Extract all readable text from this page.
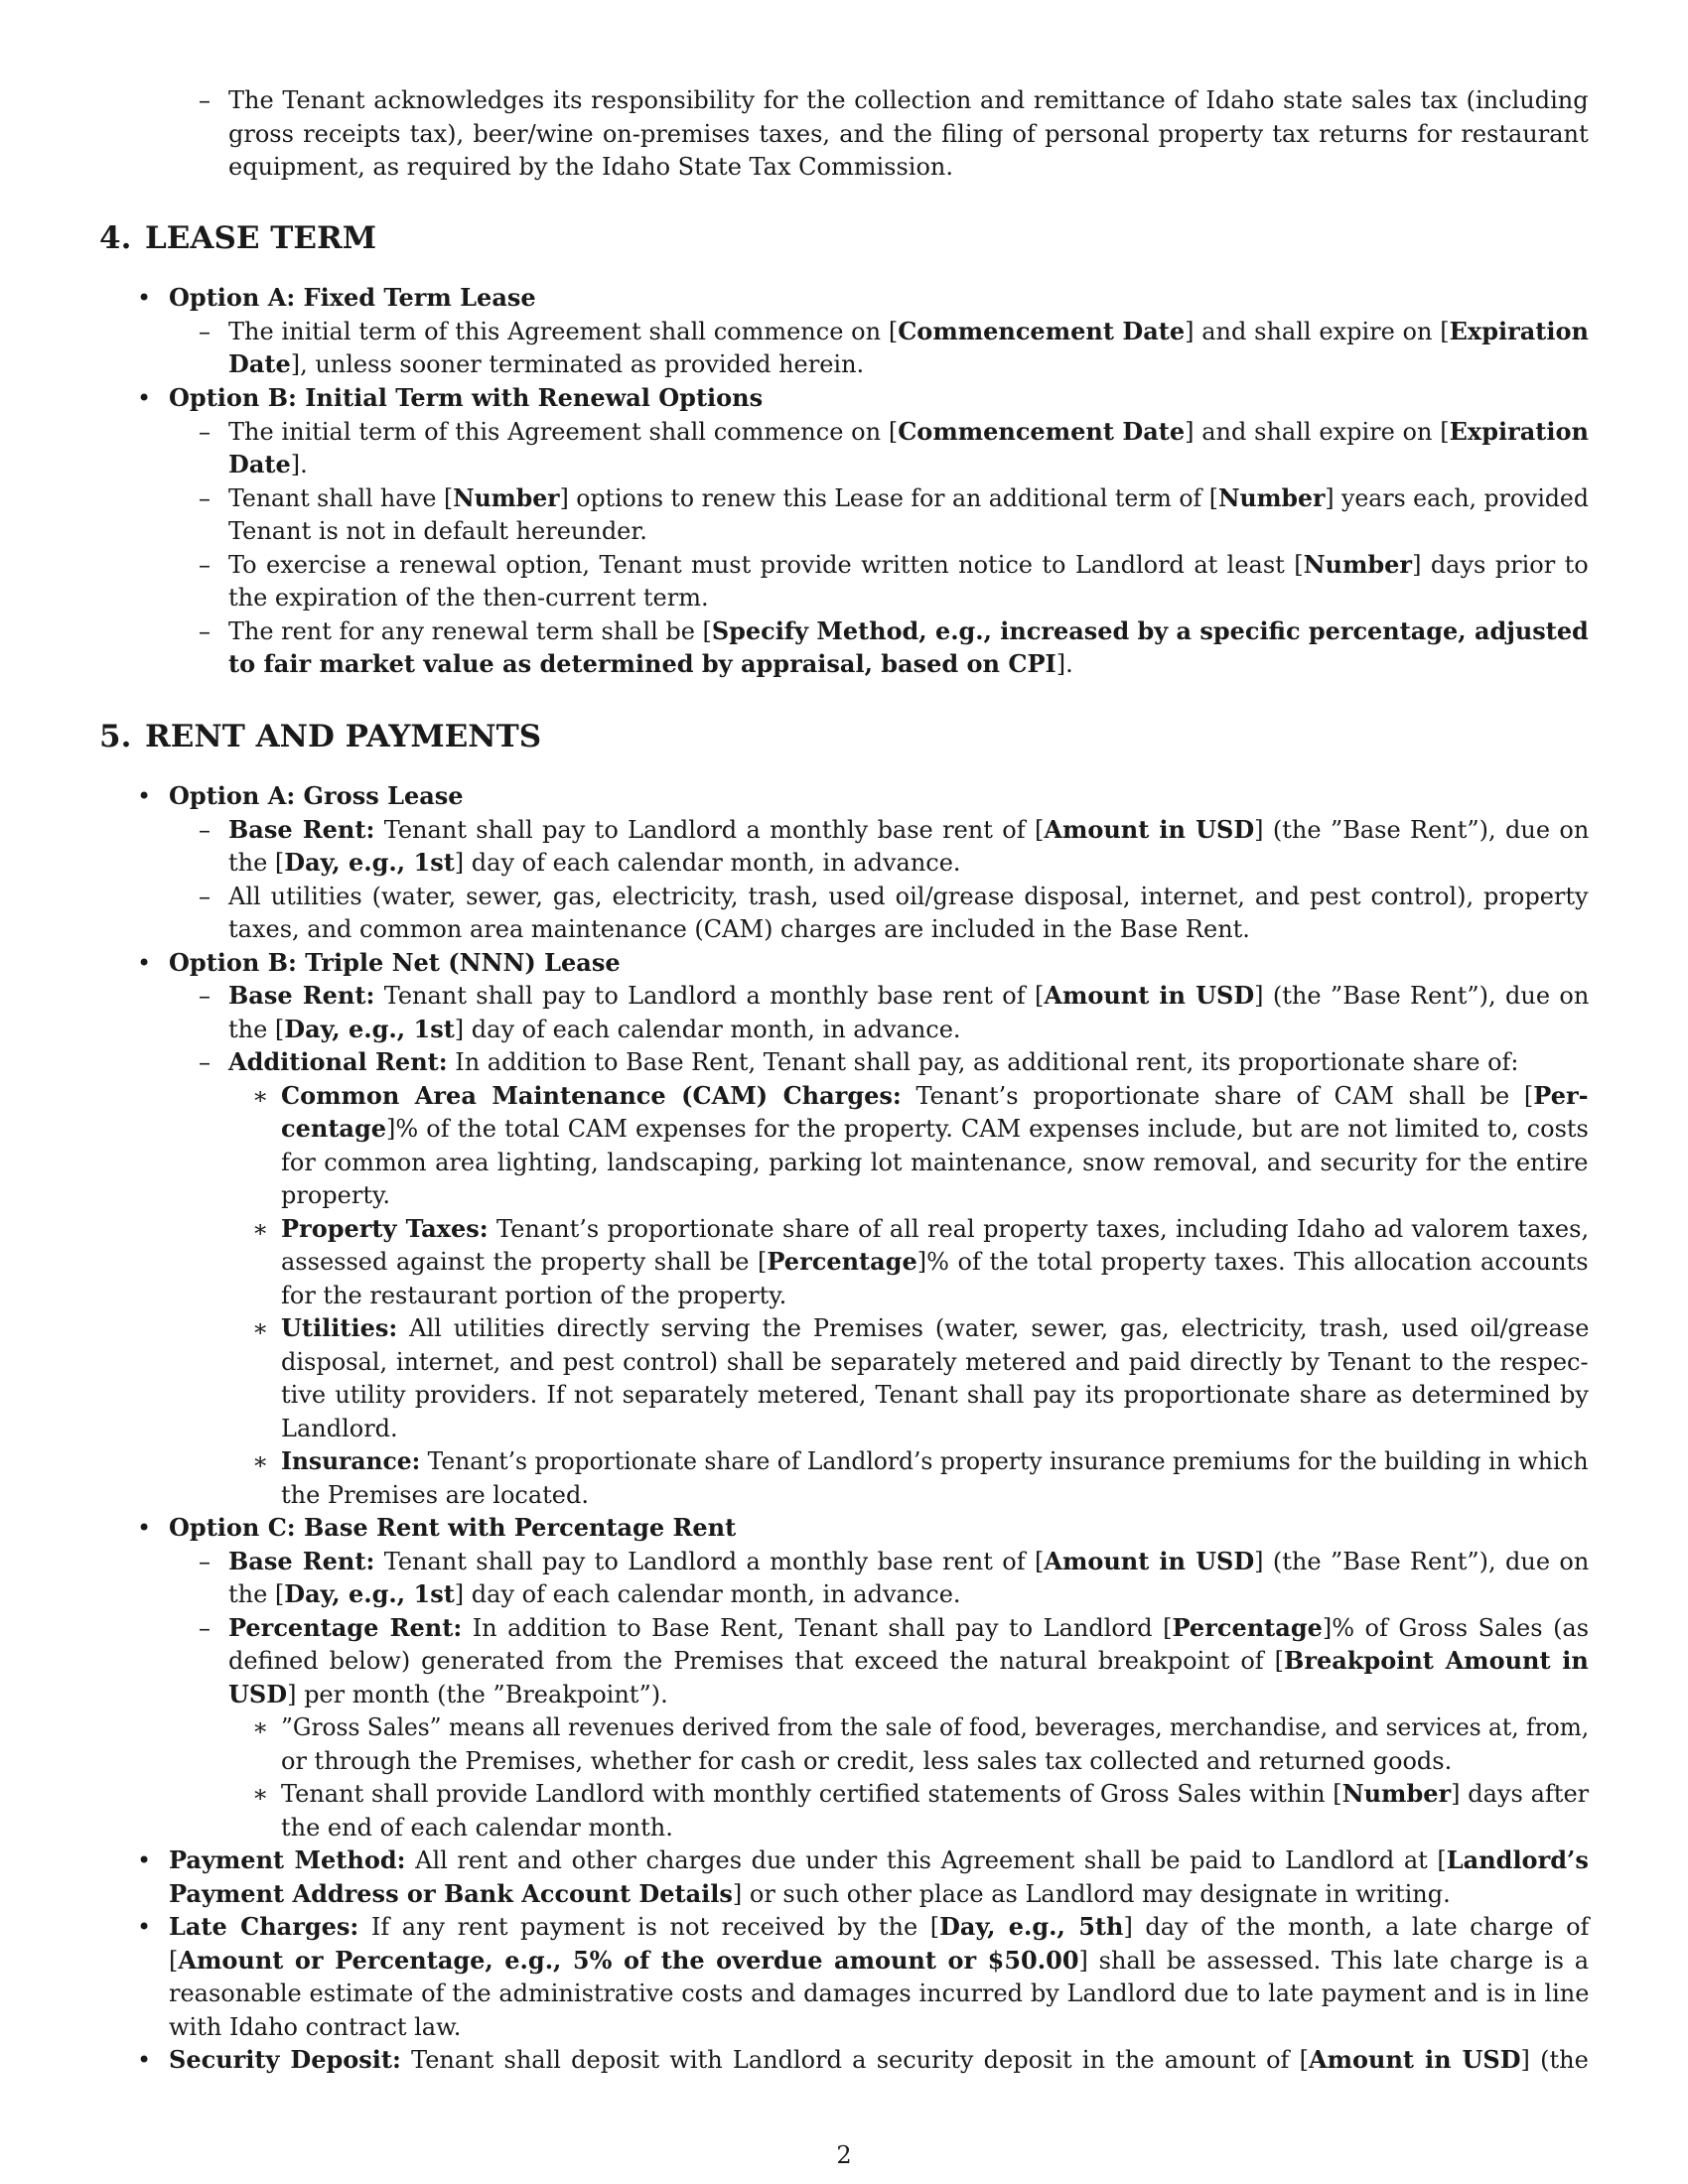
2
4. LEASE TERM
5. RENT AND PAYMENTS
– The Tenant acknowledges its responsibility for the collection and remittance of Idaho state sales tax (including
gross receipts tax), beer/wine on-premises taxes, and the filing of personal property tax returns for restaurant
equipment, as required by the Idaho State Tax Commission.
• Option A: Fixed Term Lease
– The initial term of this Agreement shall commence on [Commencement Date] and shall expire on [Expiration
Date], unless sooner terminated as provided herein.
• Option B: Initial Term with Renewal Options
– The initial term of this Agreement shall commence on [Commencement Date] and shall expire on [Expiration
Date].
– Tenant shall have [Number] options to renew this Lease for an additional term of [Number] years each, provided
Tenant is not in default hereunder.
– To exercise a renewal option, Tenant must provide written notice to Landlord at least [Number] days prior to
the expiration of the then-current term.
– The rent for any renewal term shall be [Specify Method, e.g., increased by a specific percentage, adjusted
to fair market value as determined by appraisal, based on CPI].
• Option A: Gross Lease
– Base Rent: Tenant shall pay to Landlord a monthly base rent of [Amount in USD] (the ”Base Rent”), due on
the [Day, e.g., 1st] day of each calendar month, in advance.
– All utilities (water, sewer, gas, electricity, trash, used oil/grease disposal, internet, and pest control), property
taxes, and common area maintenance (CAM) charges are included in the Base Rent.
• Option B: Triple Net (NNN) Lease
– Base Rent: Tenant shall pay to Landlord a monthly base rent of [Amount in USD] (the ”Base Rent”), due on
the [Day, e.g., 1st] day of each calendar month, in advance.
– Additional Rent: In addition to Base Rent, Tenant shall pay, as additional rent, its proportionate share of:
∗ Common Area Maintenance (CAM) Charges: Tenant’s proportionate share of CAM shall be [Per-
centage]% of the total CAM expenses for the property. CAM expenses include, but are not limited to, costs
for common area lighting, landscaping, parking lot maintenance, snow removal, and security for the entire
property.
∗ Property Taxes: Tenant’s proportionate share of all real property taxes, including Idaho ad valorem taxes,
assessed against the property shall be [Percentage]% of the total property taxes. This allocation accounts
for the restaurant portion of the property.
∗ Utilities: All utilities directly serving the Premises (water, sewer, gas, electricity, trash, used oil/grease
disposal, internet, and pest control) shall be separately metered and paid directly by Tenant to the respec-
tive utility providers. If not separately metered, Tenant shall pay its proportionate share as determined by
Landlord.
∗ Insurance: Tenant’s proportionate share of Landlord’s property insurance premiums for the building in which
the Premises are located.
• Option C: Base Rent with Percentage Rent
– Base Rent: Tenant shall pay to Landlord a monthly base rent of [Amount in USD] (the ”Base Rent”), due on
the [Day, e.g., 1st] day of each calendar month, in advance.
– Percentage Rent: In addition to Base Rent, Tenant shall pay to Landlord [Percentage]% of Gross Sales (as
defined below) generated from the Premises that exceed the natural breakpoint of [Breakpoint Amount in
USD] per month (the ”Breakpoint”).
∗ ”Gross Sales” means all revenues derived from the sale of food, beverages, merchandise, and services at, from,
or through the Premises, whether for cash or credit, less sales tax collected and returned goods.
∗ Tenant shall provide Landlord with monthly certified statements of Gross Sales within [Number] days after
the end of each calendar month.
• Payment Method: All rent and other charges due under this Agreement shall be paid to Landlord at [Landlord’s
Payment Address or Bank Account Details] or such other place as Landlord may designate in writing.
• Late Charges: If any rent payment is not received by the [Day, e.g., 5th] day of the month, a late charge of
[Amount or Percentage, e.g., 5% of the overdue amount or $50.00] shall be assessed. This late charge is a
reasonable estimate of the administrative costs and damages incurred by Landlord due to late payment and is in line
with Idaho contract law.
• Security Deposit: Tenant shall deposit with Landlord a security deposit in the amount of [Amount in USD] (the
